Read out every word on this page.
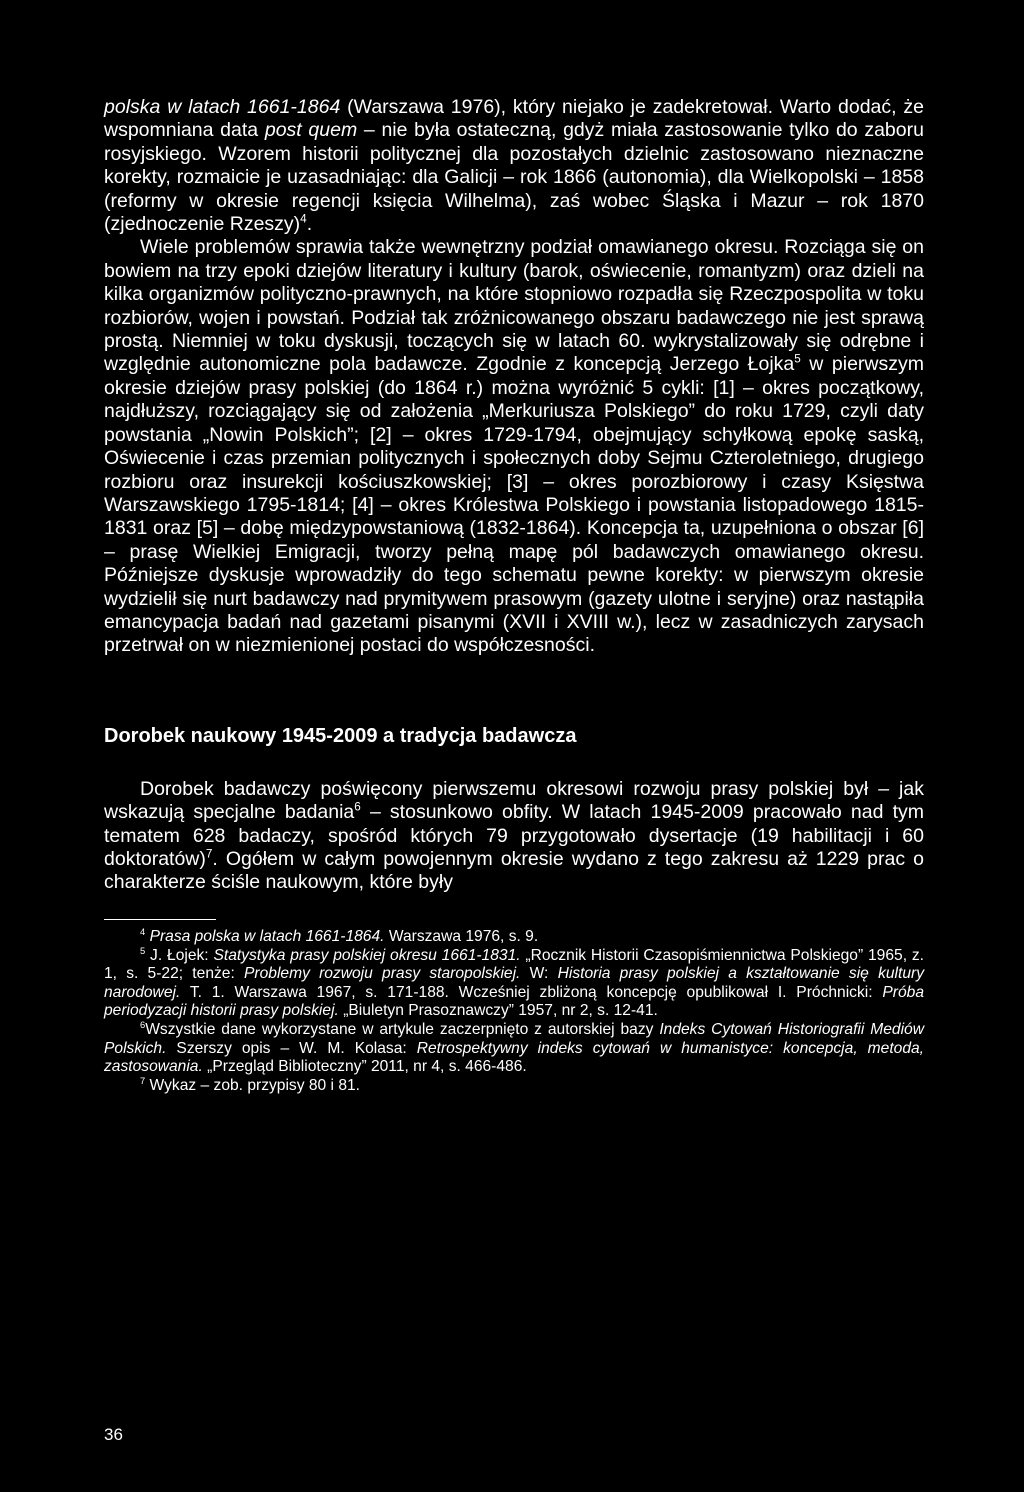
polska w latach 1661-1864 (Warszawa 1976), który niejako je zadekretował. Warto dodać, że wspomniana data post quem – nie była ostateczną, gdyż miała zastosowanie tylko do zaboru rosyjskiego. Wzorem historii politycznej dla pozostałych dzielnic zastosowano nieznaczne korekty, rozmaicie je uzasadniając: dla Galicji – rok 1866 (autonomia), dla Wielkopolski – 1858 (reformy w okresie regencji księcia Wilhelma), zaś wobec Śląska i Mazur – rok 1870 (zjednoczenie Rzeszy)$^4$.

Wiele problemów sprawia także wewnętrzny podział omawianego okresu. Rozciąga się on bowiem na trzy epoki dziejów literatury i kultury (barok, oświecenie, romantyzm) oraz dzieli na kilka organizmów polityczno-prawnych, na które stopniowo rozpadła się Rzeczpospolita w toku rozbiorów, wojen i powstań. Podział tak zróżnicowanego obszaru badawczego nie jest sprawą prostą. Niemniej w toku dyskusji, toczących się w latach 60. wykrystalizowały się odrębne i względnie autonomiczne pola badawcze. Zgodnie z koncepcją Jerzego Łojka$^5$ w pierwszym okresie dziejów prasy polskiej (do 1864 r.) można wyróżnić 5 cykli: [1] – okres początkowy, najdłuższy, rozciągający się od założenia „Merkuriusza Polskiego” do roku 1729, czyli daty powstania „Nowin Polskich”; [2] – okres 1729-1794, obejmujący schyłkową epokę saską, Oświecenie i czas przemian politycznych i społecznych doby Sejmu Czteroletniego, drugiego rozbioru oraz insurekcji kościuszkowskiej; [3] – okres porozbiorowy i czasy Księstwa Warszawskiego 1795-1814; [4] – okres Królestwa Polskiego i powstania listopadowego 1815-1831 oraz [5] – dobę międzypowstaniową (1832-1864). Koncepcja ta, uzupełniona o obszar [6] – prasę Wielkiej Emigracji, tworzy pełną mapę pól badawczych omawianego okresu. Późniejsze dyskusje wprowadziły do tego schematu pewne korekty: w pierwszym okresie wydzielił się nurt badawczy nad prymitywem prasowym (gazety ulotne i seryjne) oraz nastąpiła emancypacja badań nad gazetami pisanymi (XVII i XVIII w.), lecz w zasadniczych zarysach przetrwał on w niezmienionej postaci do współczesności.

Dorobek naukowy 1945-2009 a tradycja badawcza

Dorobek badawczy poświęcony pierwszemu okresowi rozwoju prasy polskiej był – jak wskazują specjalne badania$^6$ – stosunkowo obfity. W latach 1945-2009 pracowało nad tym tematem 628 badaczy, spośród których 79 przygotowało dysertacje (19 habilitacji i 60 doktoratów)$^7$. Ogółem w całym powojennym okresie wydano z tego zakresu aż 1229 prac o charakterze ściśle naukowym, które były

$^4$ Prasa polska w latach 1661-1864. Warszawa 1976, s. 9.

$^5$ J. Łojek: Statystyka prasy polskiej okresu 1661-1831. „Rocznik Historii Czasopiśmiennictwa Polskiego” 1965, z. 1, s. 5-22; tenże: Problemy rozwoju prasy staropolskiej. W: Historia prasy polskiej a kształtowanie się kultury narodowej. T. 1. Warszawa 1967, s. 171-188. Wcześniej zbliżoną koncepcję opublikował I. Próchnicki: Próba periodyzacji historii prasy polskiej. „Biuletyn Prasoznawczy” 1957, nr 2, s. 12-41.

$^6$Wszystkie dane wykorzystane w artykule zaczerpnięto z autorskiej bazy Indeks Cytowań Historiografii Mediów Polskich. Szerszy opis – W. M. Kolasa: Retrospektywny indeks cytowań w humanistyce: koncepcja, metoda, zastosowania. „Przegląd Biblioteczny” 2011, nr 4, s. 466-486.

$^7$ Wykaz – zob. przypisy 80 i 81.

36
